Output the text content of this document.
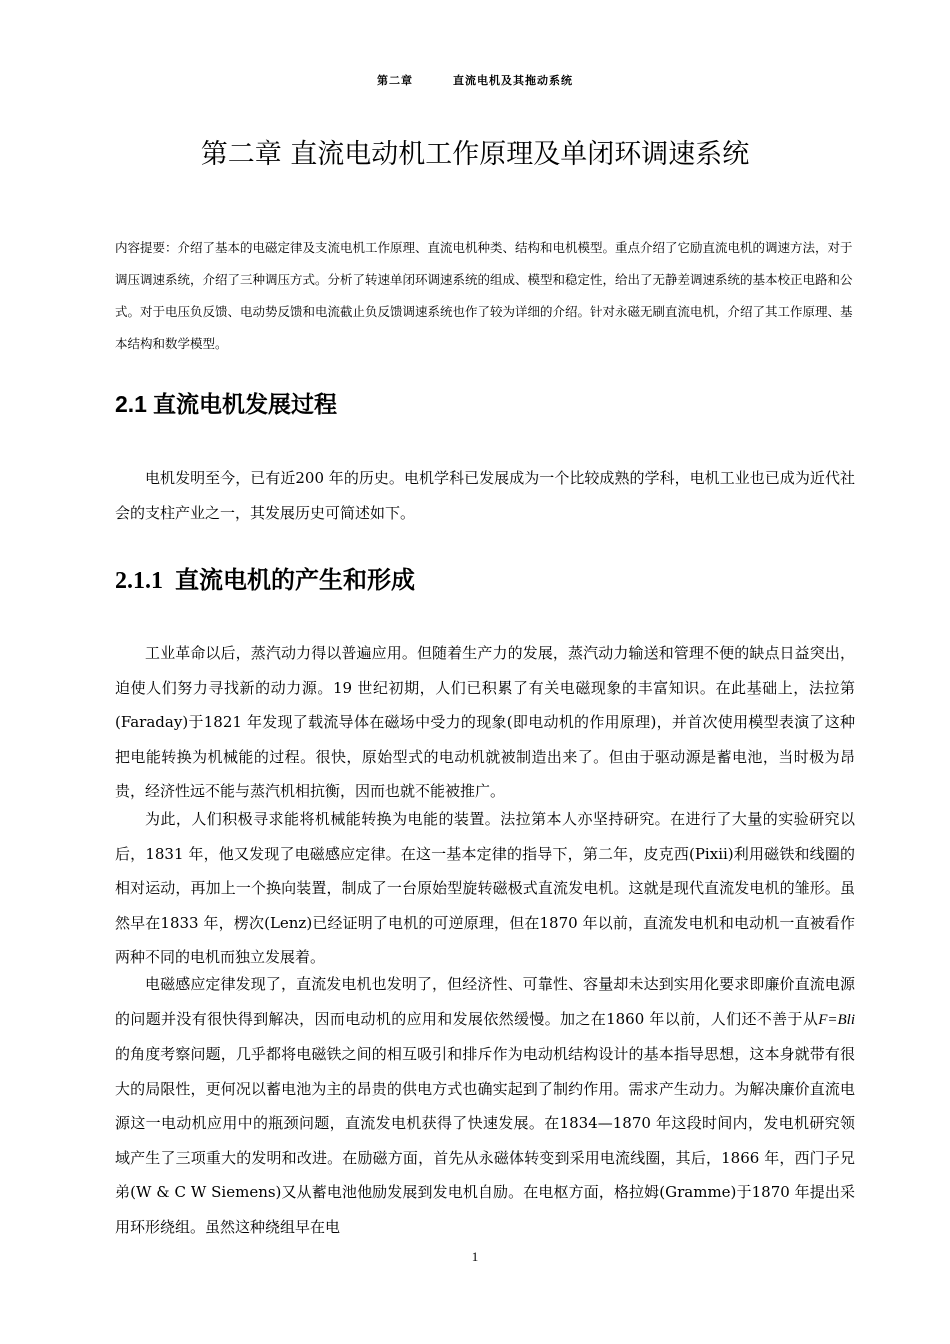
第二章	直流电机及其拖动系统
第二章 直流电动机工作原理及单闭环调速系统

内容提要：介绍了基本的电磁定律及支流电机工作原理、直流电机种类、结构和电机模型。重点介绍了它励直流电机的调速方法，对于调压调速系统，介绍了三种调压方式。分析了转速单闭环调速系统的组成、模型和稳定性，给出了无静差调速系统的基本校正电路和公式。对于电压负反馈、电动势反馈和电流截止负反馈调速系统也作了较为详细的介绍。针对永磁无刷直流电机，介绍了其工作原理、基本结构和数学模型。

2.1 直流电机发展过程

电机发明至今，已有近200 年的历史。电机学科已发展成为一个比较成熟的学科，电机工业也已成为近代社会的支柱产业之一，其发展历史可简述如下。

2.1.1 直流电机的产生和形成

工业革命以后，蒸汽动力得以普遍应用。但随着生产力的发展，蒸汽动力输送和管理不便的缺点日益突出，迫使人们努力寻找新的动力源。19 世纪初期，人们已积累了有关电磁现象的丰富知识。在此基础上，法拉第(Faraday)于1821 年发现了载流导体在磁场中受力的现象(即电动机的作用原理)，并首次使用模型表演了这种把电能转换为机械能的过程。很快，原始型式的电动机就被制造出来了。但由于驱动源是蓄电池，当时极为昂贵，经济性远不能与蒸汽机相抗衡，因而也就不能被推广。

为此，人们积极寻求能将机械能转换为电能的装置。法拉第本人亦坚持研究。在进行了大量的实验研究以后，1831 年，他又发现了电磁感应定律。在这一基本定律的指导下，第二年，皮克西(Pixii)利用磁铁和线圈的相对运动，再加上一个换向装置，制成了一台原始型旋转磁极式直流发电机。这就是现代直流发电机的雏形。虽然早在1833 年，楞次(Lenz)已经证明了电机的可逆原理，但在1870 年以前，直流发电机和电动机一直被看作两种不同的电机而独立发展着。

电磁感应定律发现了，直流发电机也发明了，但经济性、可靠性、容量却未达到实用化要求即廉价直流电源的问题并没有很快得到解决，因而电动机的应用和发展依然缓慢。加之在1860 年以前，人们还不善于从F=Bli 的角度考察问题，几乎都将电磁铁之间的相互吸引和排斥作为电动机结构设计的基本指导思想，这本身就带有很大的局限性，更何况以蓄电池为主的昂贵的供电方式也确实起到了制约作用。需求产生动力。为解决廉价直流电源这一电动机应用中的瓶颈问题，直流发电机获得了快速发展。在1834—1870 年这段时间内，发电机研究领域产生了三项重大的发明和改进。在励磁方面，首先从永磁体转变到采用电流线圈，其后，1866 年，西门子兄弟(W & C W Siemens)又从蓄电池他励发展到发电机自励。在电枢方面，格拉姆(Gramme)于1870 年提出采用环形绕组。虽然这种绕组早在电

1
